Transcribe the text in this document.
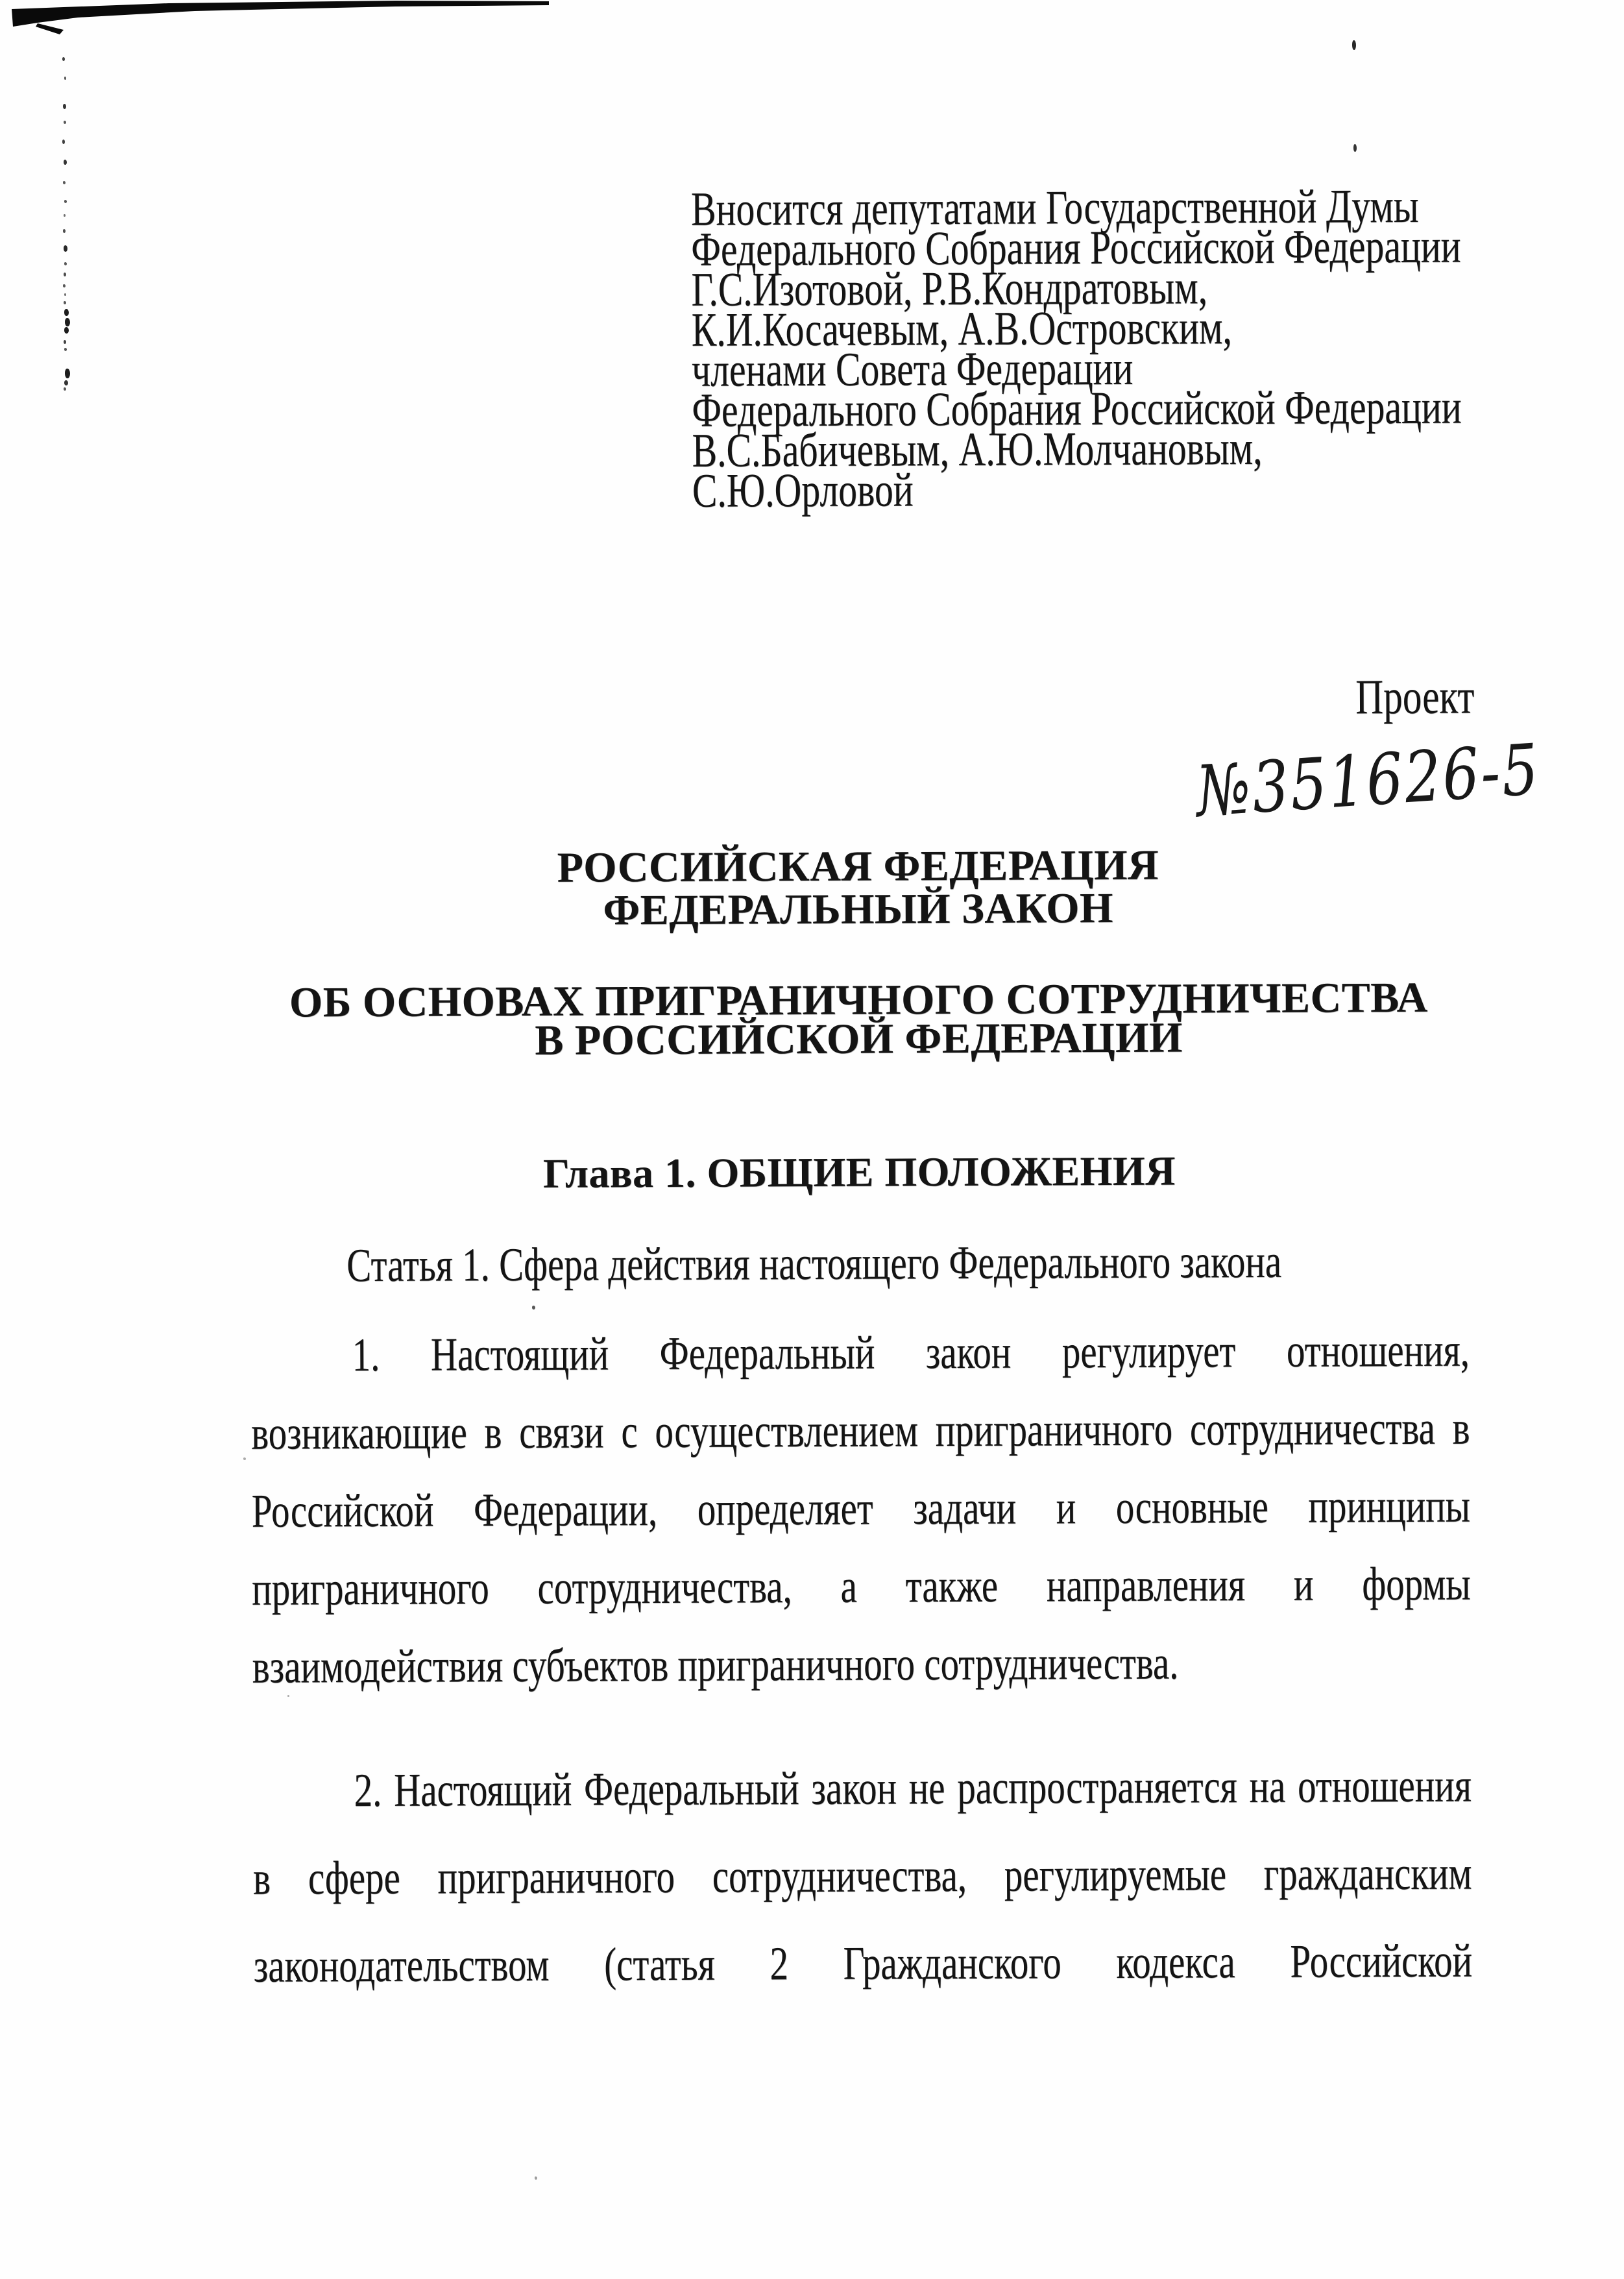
Вносится депутатами Государственной Думы
Федерального Собрания Российской Федерации
Г.С.Изотовой, Р.В.Кондратовым,
К.И.Косачевым, А.В.Островским,
членами Совета Федерации
Федерального Собрания Российской Федерации
В.С.Бабичевым, А.Ю.Молчановым,
С.Ю.Орловой
Проект
№351626-5
РОССИЙСКАЯ ФЕДЕРАЦИЯ
ФЕДЕРАЛЬНЫЙ ЗАКОН
ОБ ОСНОВАХ ПРИГРАНИЧНОГО СОТРУДНИЧЕСТВА
В РОССИЙСКОЙ ФЕДЕРАЦИИ
Глава 1. ОБЩИЕ ПОЛОЖЕНИЯ
Статья 1. Сфера действия настоящего Федерального закона
1. Настоящий Федеральный закон регулирует отношения,
возникающие в связи с осуществлением приграничного сотрудничества в
Российской Федерации, определяет задачи и основные принципы
приграничного сотрудничества, а также направления и формы
взаимодействия субъектов приграничного сотрудничества.
2. Настоящий Федеральный закон не распространяется на отношения
в сфере приграничного сотрудничества, регулируемые гражданским
законодательством (статья 2 Гражданского кодекса Российской
